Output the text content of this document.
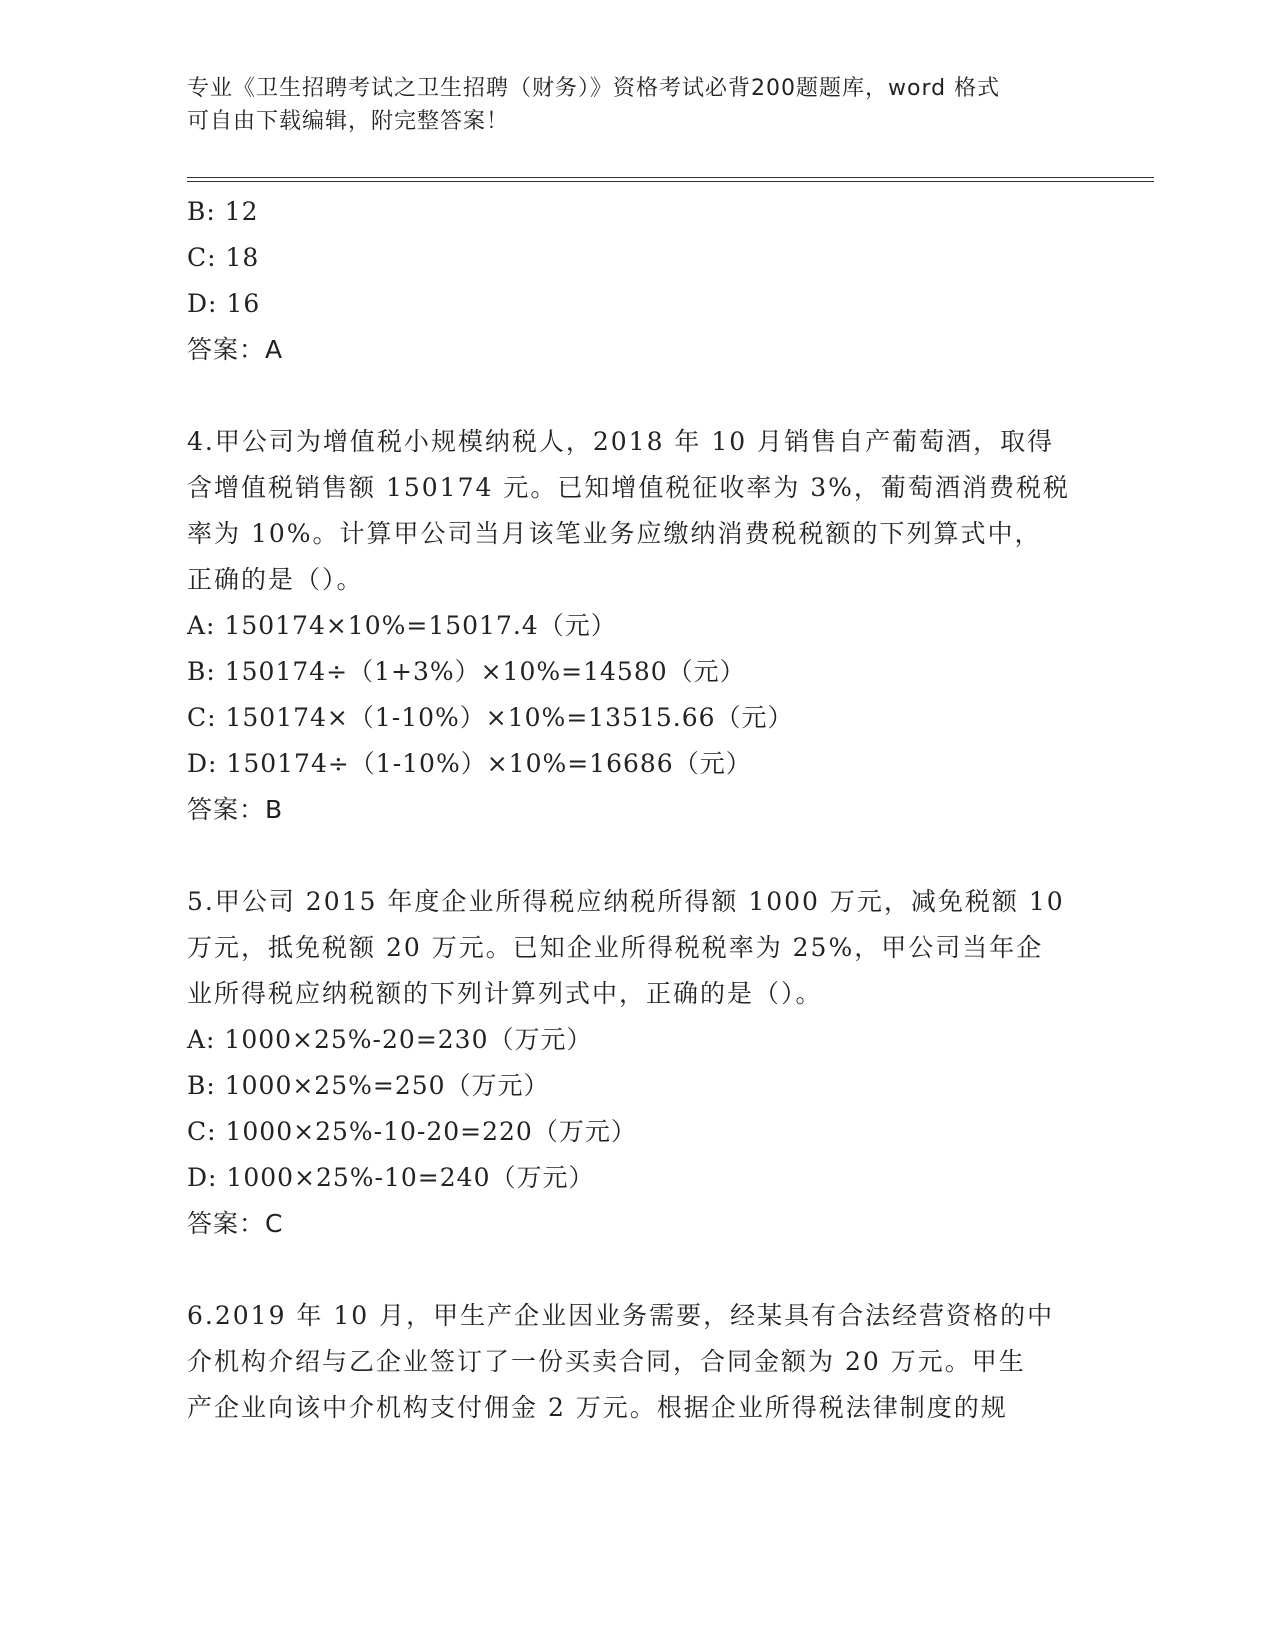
专业《卫生招聘考试之卫生招聘（财务）》资格考试必背200题题库，word 格式
可自由下载编辑，附完整答案！
B: 12
C: 18
D: 16
答案：A
4.甲公司为增值税小规模纳税人，2018 年 10 月销售自产葡萄酒，取得
含增值税销售额 150174 元。已知增值税征收率为 3%，葡萄酒消费税税
率为 10%。计算甲公司当月该笔业务应缴纳消费税税额的下列算式中，
正确的是（）。
A: 150174×10%=15017.4（元）
B: 150174÷（1+3%）×10%=14580（元）
C: 150174×（1-10%）×10%=13515.66（元）
D: 150174÷（1-10%）×10%=16686（元）
答案：B
5.甲公司 2015 年度企业所得税应纳税所得额 1000 万元，减免税额 10
万元，抵免税额 20 万元。已知企业所得税税率为 25%，甲公司当年企
业所得税应纳税额的下列计算列式中，正确的是（）。
A: 1000×25%-20=230（万元）
B: 1000×25%=250（万元）
C: 1000×25%-10-20=220（万元）
D: 1000×25%-10=240（万元）
答案：C
6.2019 年 10 月，甲生产企业因业务需要，经某具有合法经营资格的中
介机构介绍与乙企业签订了一份买卖合同，合同金额为 20 万元。甲生
产企业向该中介机构支付佣金 2 万元。根据企业所得税法律制度的规
